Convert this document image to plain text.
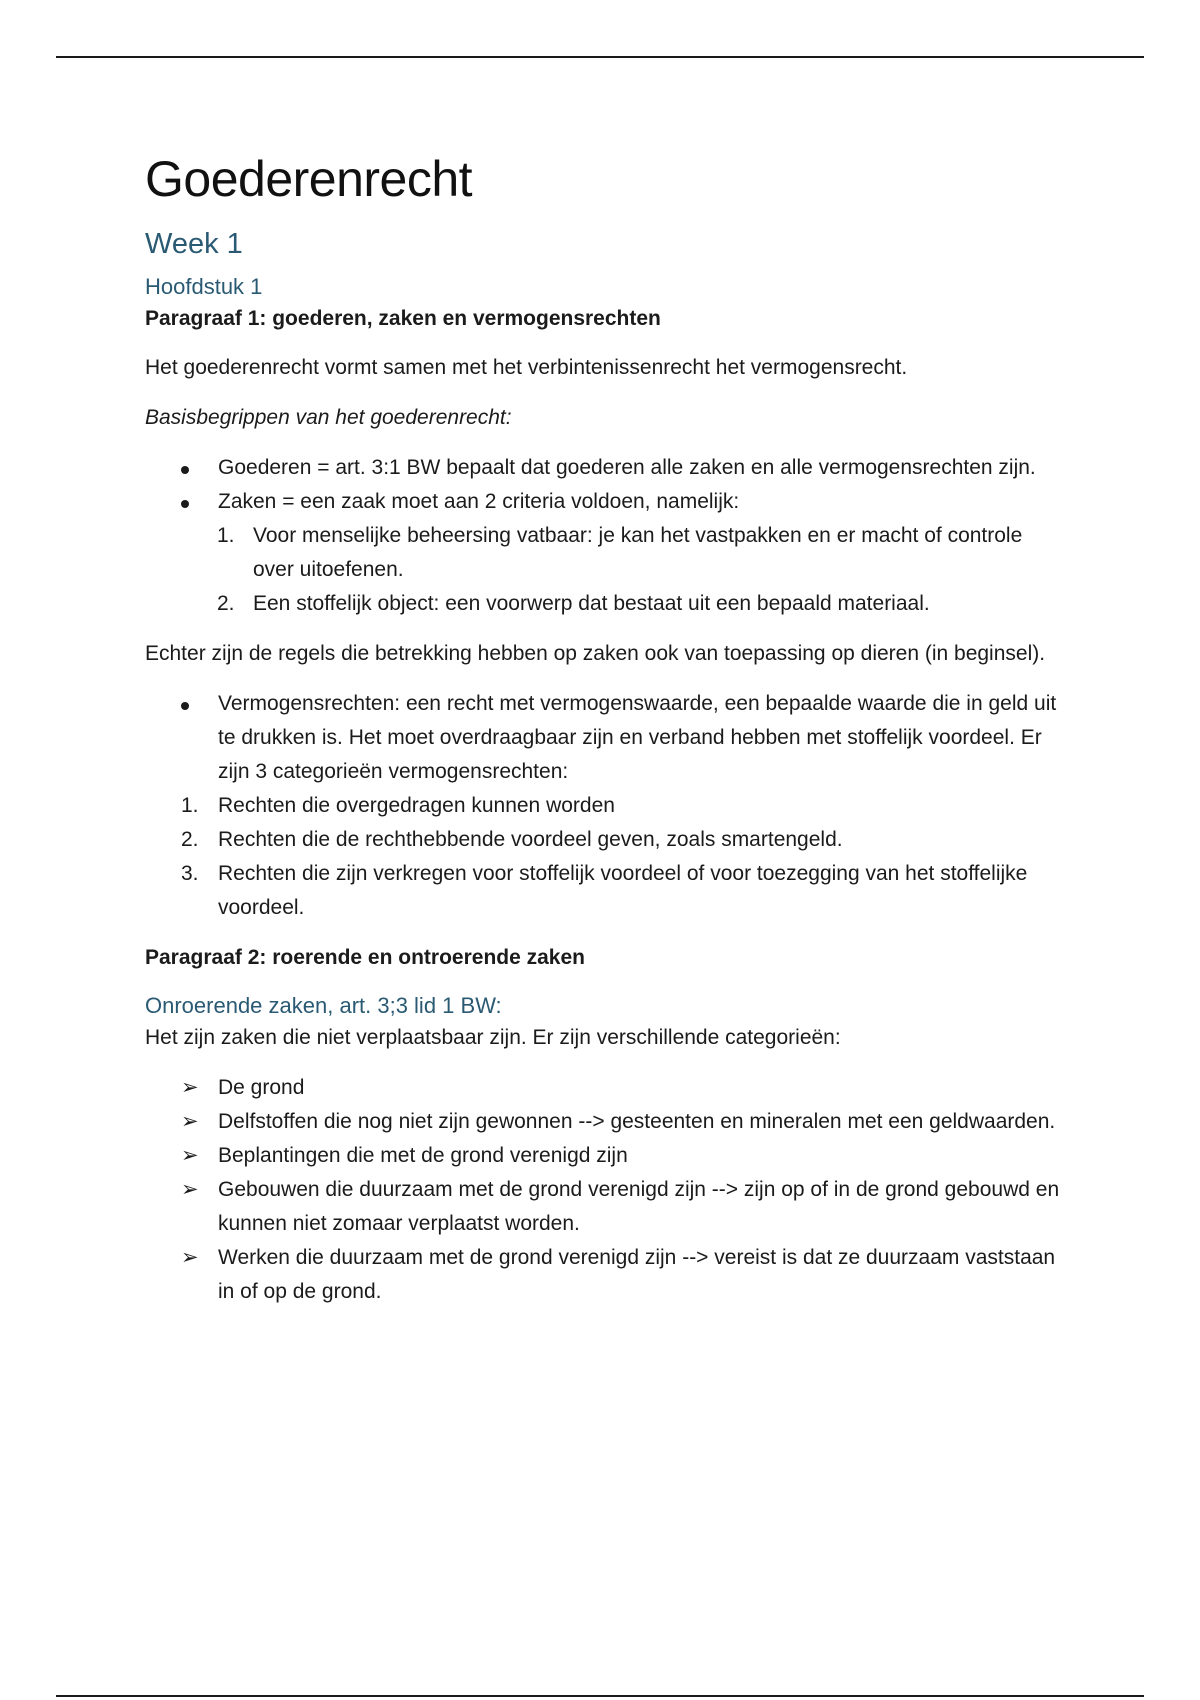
Goederenrecht
Week 1
Hoofdstuk 1
Paragraaf 1: goederen, zaken en vermogensrechten

Het goederenrecht vormt samen met het verbintenissenrecht het vermogensrecht.

Basisbegrippen van het goederenrecht:

Goederen = art. 3:1 BW bepaalt dat goederen alle zaken en alle vermogensrechten zijn.
Zaken = een zaak moet aan 2 criteria voldoen, namelijk:
1. Voor menselijke beheersing vatbaar: je kan het vastpakken en er macht of controle over uitoefenen.
2. Een stoffelijk object: een voorwerp dat bestaat uit een bepaald materiaal.

Echter zijn de regels die betrekking hebben op zaken ook van toepassing op dieren (in beginsel).

Vermogensrechten: een recht met vermogenswaarde, een bepaalde waarde die in geld uit te drukken is. Het moet overdraagbaar zijn en verband hebben met stoffelijk voordeel. Er zijn 3 categorieën vermogensrechten:
1. Rechten die overgedragen kunnen worden
2. Rechten die de rechthebbende voordeel geven, zoals smartengeld.
3. Rechten die zijn verkregen voor stoffelijk voordeel of voor toezegging van het stoffelijke voordeel.
Paragraaf 2: roerende en ontroerende zaken
Onroerende zaken, art. 3;3 lid 1 BW:

Het zijn zaken die niet verplaatsbaar zijn. Er zijn verschillende categorieën:

➢ De grond
➢ Delfstoffen die nog niet zijn gewonnen --> gesteenten en mineralen met een geldwaarden.
➢ Beplantingen die met de grond verenigd zijn
➢ Gebouwen die duurzaam met de grond verenigd zijn --> zijn op of in de grond gebouwd en kunnen niet zomaar verplaatst worden.
➢ Werken die duurzaam met de grond verenigd zijn --> vereist is dat ze duurzaam vaststaan in of op de grond.
